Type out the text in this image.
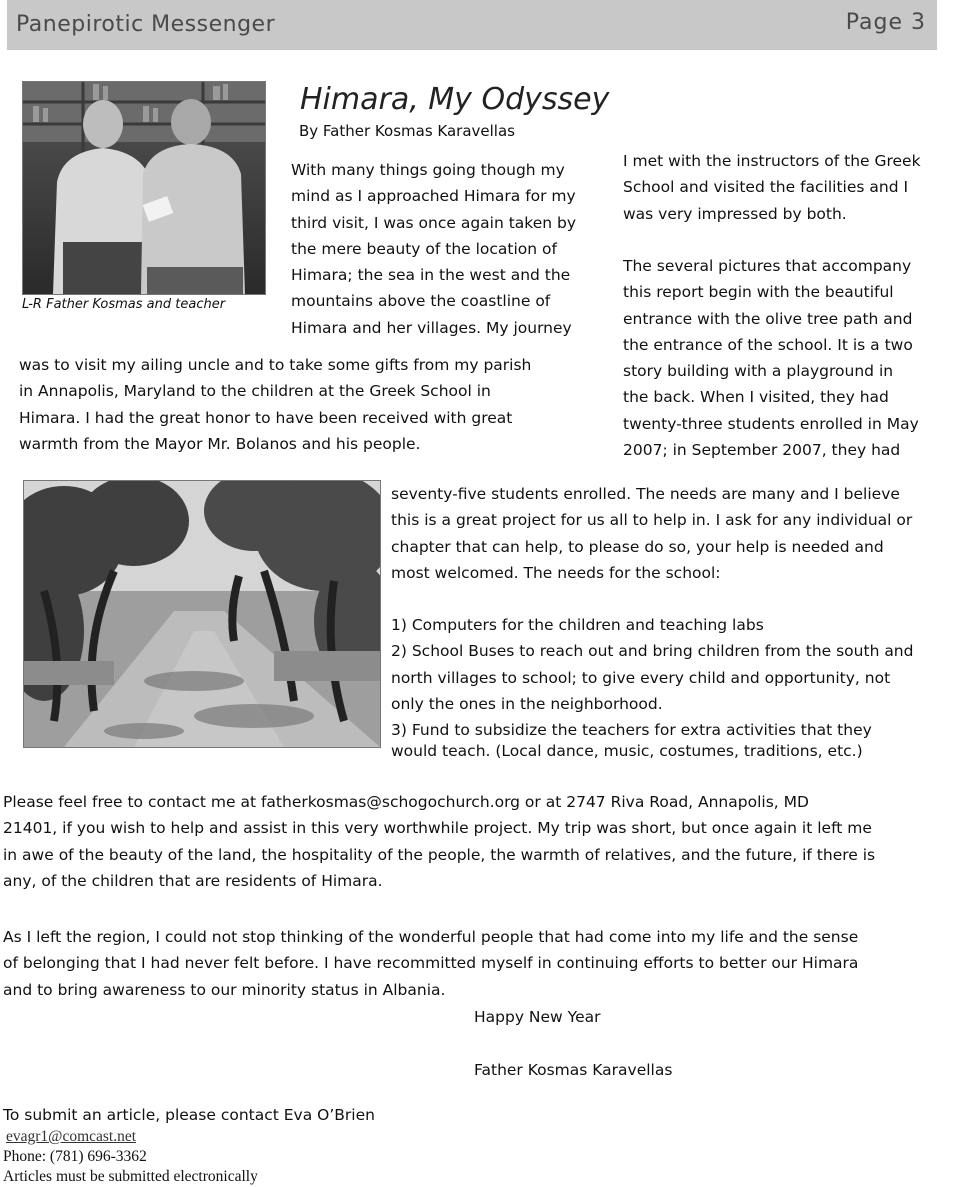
Panepirotic Messenger	Page 3
L-R Father Kosmas and teacher
Himara, My Odyssey
By Father Kosmas Karavellas

With many things going though my

mind as I approached Himara for my

third visit, I was once again taken by

the mere beauty of the location of

Himara; the sea in the west and the

mountains above the coastline of

Himara and her villages. My journey

was to visit my ailing uncle and to take some gifts from my parish

in Annapolis, Maryland to the children at the Greek School in

Himara. I had the great honor to have been received with great

warmth from the Mayor Mr. Bolanos and his people.

I met with the instructors of the Greek

School and visited the facilities and I

was very impressed by both.

The several pictures that accompany

this report begin with the beautiful

entrance with the olive tree path and

the entrance of the school. It is a two

story building with a playground in

the back. When I visited, they had

twenty-three students enrolled in May

2007; in September 2007, they had

seventy-five students enrolled. The needs are many and I believe

this is a great project for us all to help in. I ask for any individual or

chapter that can help, to please do so, your help is needed and

most welcomed. The needs for the school:

1) Computers for the children and teaching labs

2) School Buses to reach out and bring children from the south and

north villages to school; to give every child and opportunity, not

only the ones in the neighborhood.

3) Fund to subsidize the teachers for extra activities that they

would teach. (Local dance, music, costumes, traditions, etc.)

Please feel free to contact me at fatherkosmas@schogochurch.org or at 2747 Riva Road, Annapolis, MD

21401, if you wish to help and assist in this very worthwhile project. My trip was short, but once again it left me

in awe of the beauty of the land, the hospitality of the people, the warmth of relatives, and the future, if there is

any, of the children that are residents of Himara.

As I left the region, I could not stop thinking of the wonderful people that had come into my life and the sense

of belonging that I had never felt before. I have recommitted myself in continuing efforts to better our Himara

and to bring awareness to our minority status in Albania.

Happy New Year
Father Kosmas Karavellas
To submit an article, please contact Eva O’Brien
evagr1@comcast.net
Phone: (781) 696-3362
Articles must be submitted electronically
